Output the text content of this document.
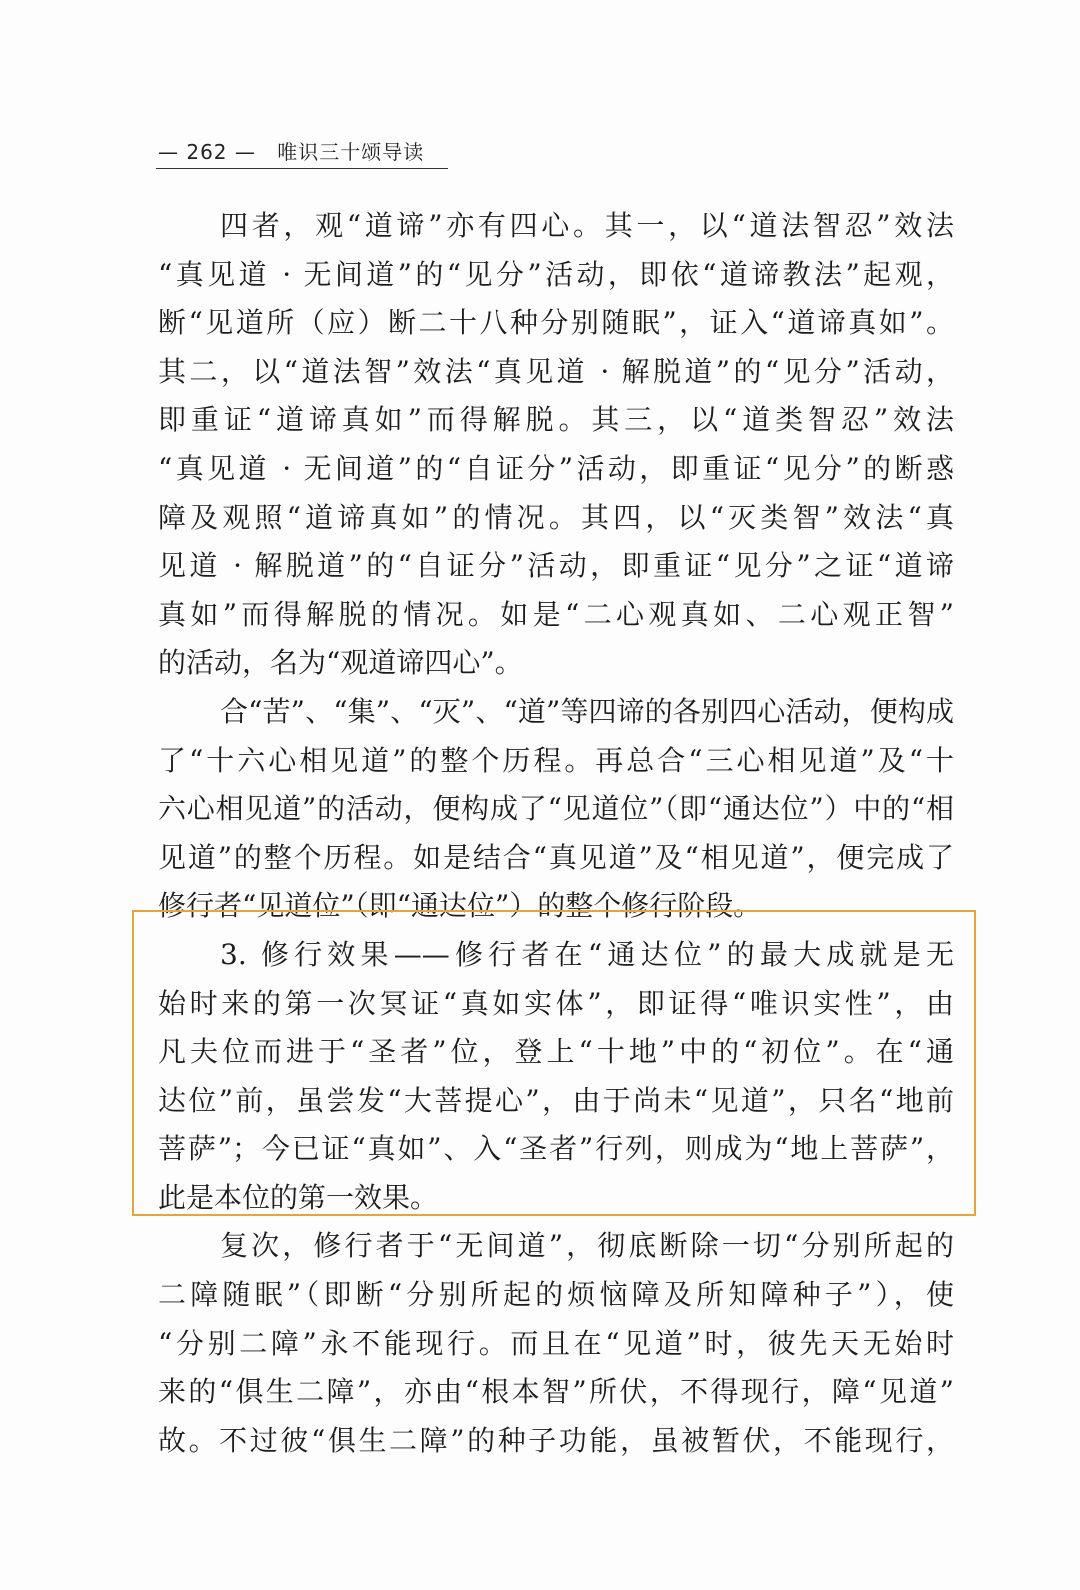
— 262 — 唯识三十颂导读
四者，观“道谛”亦有四心。其一，以“道法智忍”效法
“真见道 · 无间道”的“见分”活动，即依“道谛教法”起观，
断“见道所（应）断二十八种分别随眠”，证入“道谛真如”。
其二，以“道法智”效法“真见道 · 解脱道”的“见分”活动，
即重证“道谛真如”而得解脱。其三，以“道类智忍”效法
“真见道 · 无间道”的“自证分”活动，即重证“见分”的断惑
障及观照“道谛真如”的情况。其四，以“灭类智”效法“真
见道 · 解脱道”的“自证分”活动，即重证“见分”之证“道谛
真如”而得解脱的情况。如是“二心观真如、二心观正智”
的活动，名为“观道谛四心”。
合“苦”、“集”、“灭”、“道”等四谛的各别四心活动，便构成
了“十六心相见道”的整个历程。再总合“三心相见道”及“十
六心相见道”的活动，便构成了“见道位”（即“通达位”）中的“相
见道”的整个历程。如是结合“真见道”及“相见道”，便完成了
修行者“见道位”（即“通达位”）的整个修行阶段。
3. 修行效果——修行者在“通达位”的最大成就是无
始时来的第一次冥证“真如实体”，即证得“唯识实性”，由
凡夫位而进于“圣者”位，登上“十地”中的“初位”。在“通
达位”前，虽尝发“大菩提心”，由于尚未“见道”，只名“地前
菩萨”；今已证“真如”、入“圣者”行列，则成为“地上菩萨”，
此是本位的第一效果。
复次，修行者于“无间道”，彻底断除一切“分别所起的
二障随眠”（即断“分别所起的烦恼障及所知障种子”），使
“分别二障”永不能现行。而且在“见道”时，彼先天无始时
来的“俱生二障”，亦由“根本智”所伏，不得现行，障“见道”
故。不过彼“俱生二障”的种子功能，虽被暂伏，不能现行，
